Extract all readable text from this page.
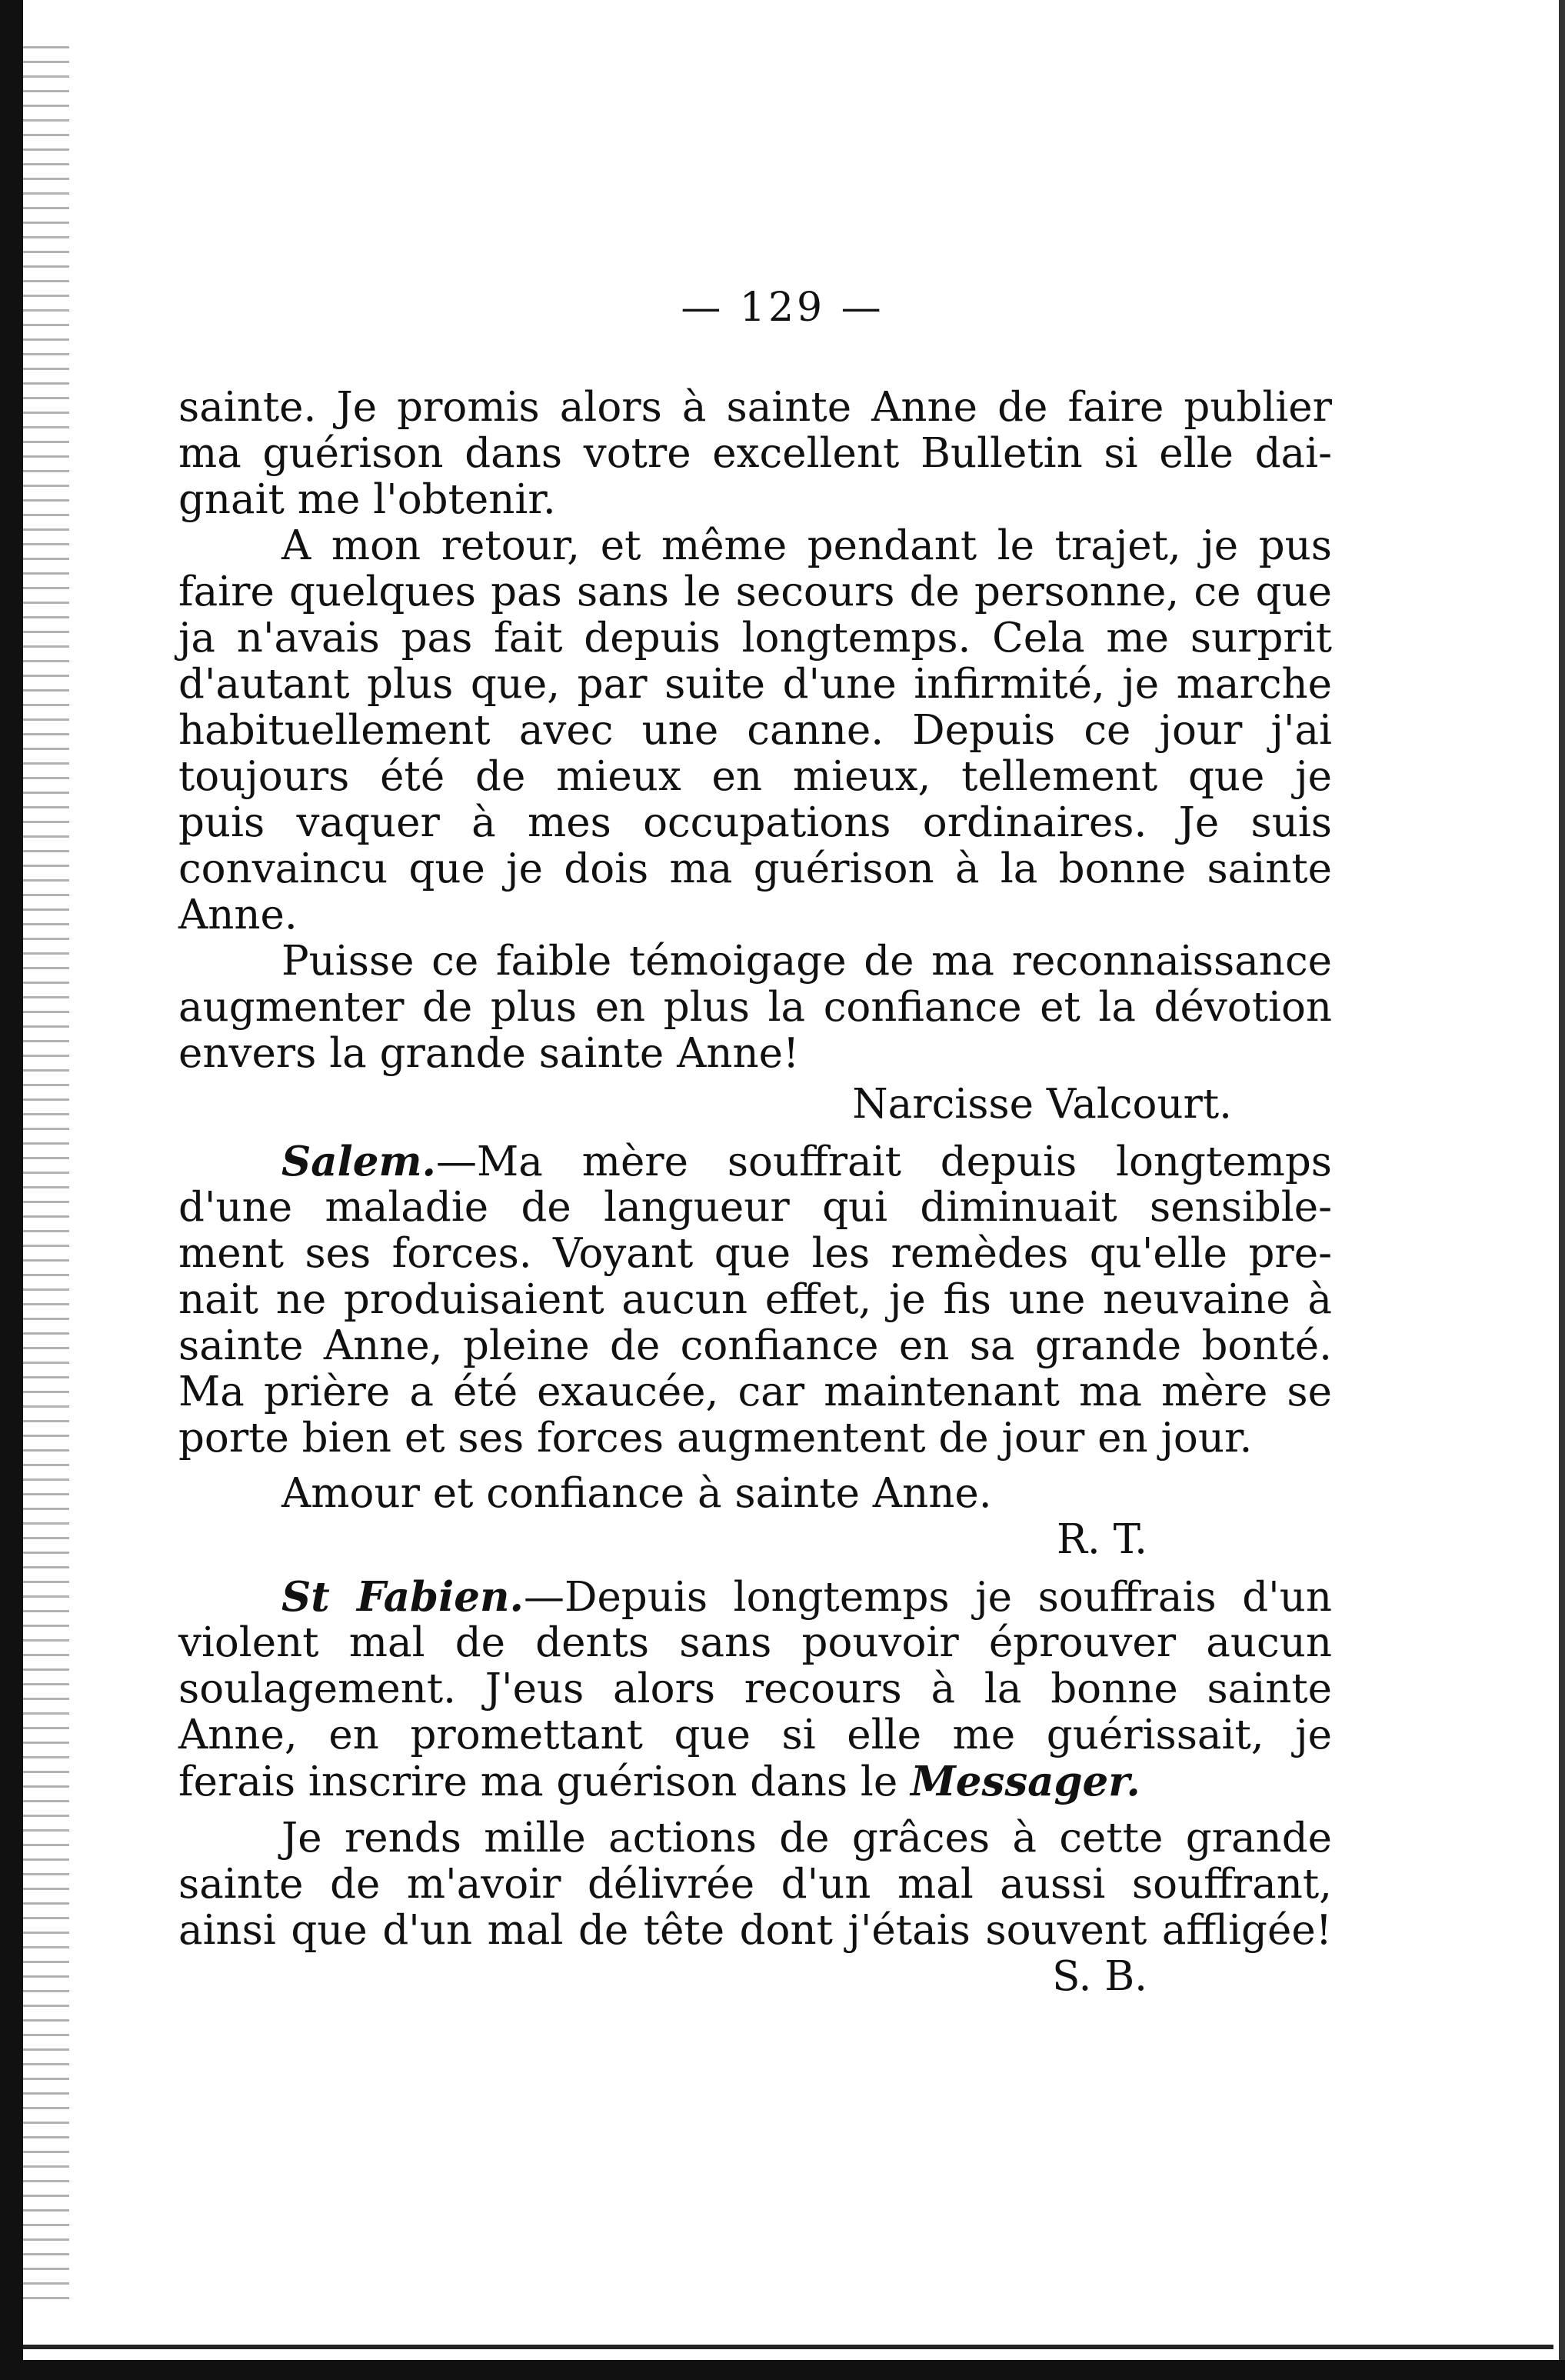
— 129 —
sainte. Je promis alors à sainte Anne de faire publier
ma guérison dans votre excellent Bulletin si elle dai-
gnait me l'obtenir.
A mon retour, et même pendant le trajet, je pus
faire quelques pas sans le secours de personne, ce que
ja n'avais pas fait depuis longtemps. Cela me surprit
d'autant plus que, par suite d'une infirmité, je marche
habituellement avec une canne. Depuis ce jour j'ai
toujours été de mieux en mieux, tellement que je
puis vaquer à mes occupations ordinaires. Je suis
convaincu que je dois ma guérison à la bonne sainte
Anne.
Puisse ce faible témoigage de ma reconnaissance
augmenter de plus en plus la confiance et la dévotion
envers la grande sainte Anne!
Narcisse Valcourt.
Salem.—Ma mère souffrait depuis longtemps
d'une maladie de langueur qui diminuait sensible-
ment ses forces. Voyant que les remèdes qu'elle pre-
nait ne produisaient aucun effet, je fis une neuvaine à
sainte Anne, pleine de confiance en sa grande bonté.
Ma prière a été exaucée, car maintenant ma mère se
porte bien et ses forces augmentent de jour en jour.
Amour et confiance à sainte Anne.
R. T.
St Fabien.—Depuis longtemps je souffrais d'un
violent mal de dents sans pouvoir éprouver aucun
soulagement. J'eus alors recours à la bonne sainte
Anne, en promettant que si elle me guérissait, je
ferais inscrire ma guérison dans le Messager.
Je rends mille actions de grâces à cette grande
sainte de m'avoir délivrée d'un mal aussi souffrant,
ainsi que d'un mal de tête dont j'étais souvent affligée!
S. B.
